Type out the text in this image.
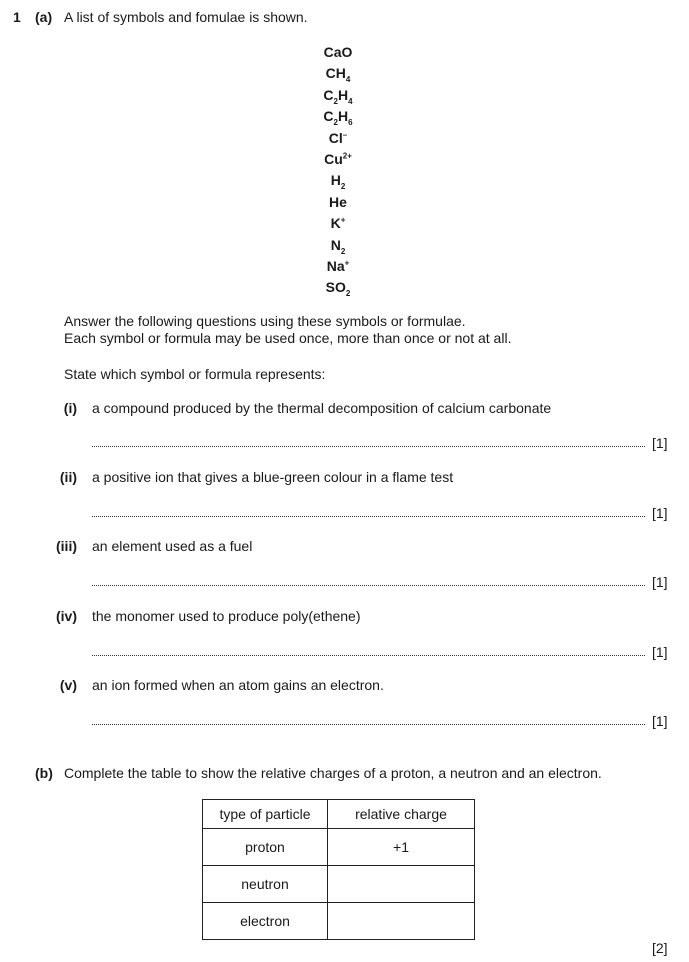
1 (a) A list of symbols and fomulae is shown.
CaO
$CH_4$
$C_2H_4$
$C_2H_6$
Cl–
$Cu^{2+}$
$H_2$
He
K+
$N_2$
Na+
$SO_2$
Answer the following questions using these symbols or formulae.
Each symbol or formula may be used once, more than once or not at all.
State which symbol or formula represents:
(i) a compound produced by the thermal decomposition of calcium carbonate
[1]
(ii) a positive ion that gives a blue-green colour in a flame test
[1]
(iii) an element used as a fuel
[1]
(iv) the monomer used to produce poly(ethene)
[1]
(v) an ion formed when an atom gains an electron.
[1]
(b) Complete the table to show the relative charges of a proton, a neutron and an electron.
type of particle	relative charge
proton	+1
neutron	
electron	
[2]
